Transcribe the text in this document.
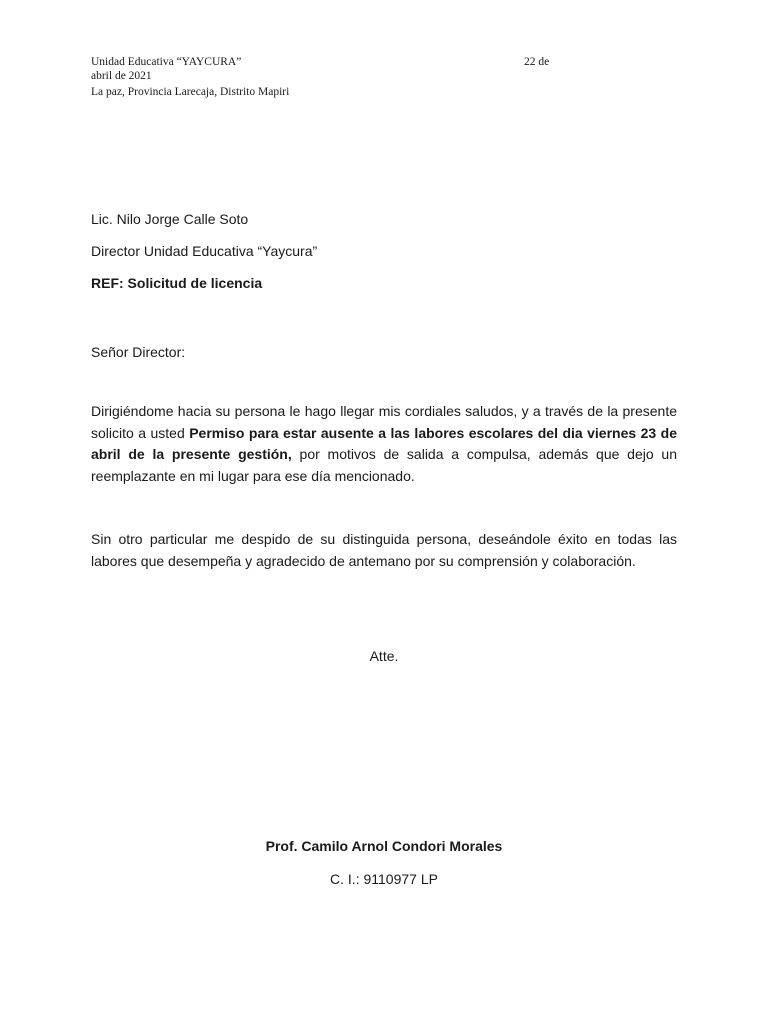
Unidad Educativa “YAYCURA”	22 de
abril de 2021
La paz, Provincia Larecaja, Distrito Mapiri
Lic. Nilo Jorge Calle Soto
Director Unidad Educativa “Yaycura”
REF: Solicitud de licencia
Señor Director:
Dirigiéndome hacia su persona le hago llegar mis cordiales saludos, y a través de la presente solicito a usted Permiso para estar ausente a las labores escolares del dia viernes 23 de abril de la presente gestión, por motivos de salida a compulsa, además que dejo un reemplazante en mi lugar para ese día mencionado.
Sin otro particular me despido de su distinguida persona, deseándole éxito en todas las labores que desempeña y agradecido de antemano por su comprensión y colaboración.
Atte.
Prof. Camilo Arnol Condori Morales
C. I.: 9110977 LP
